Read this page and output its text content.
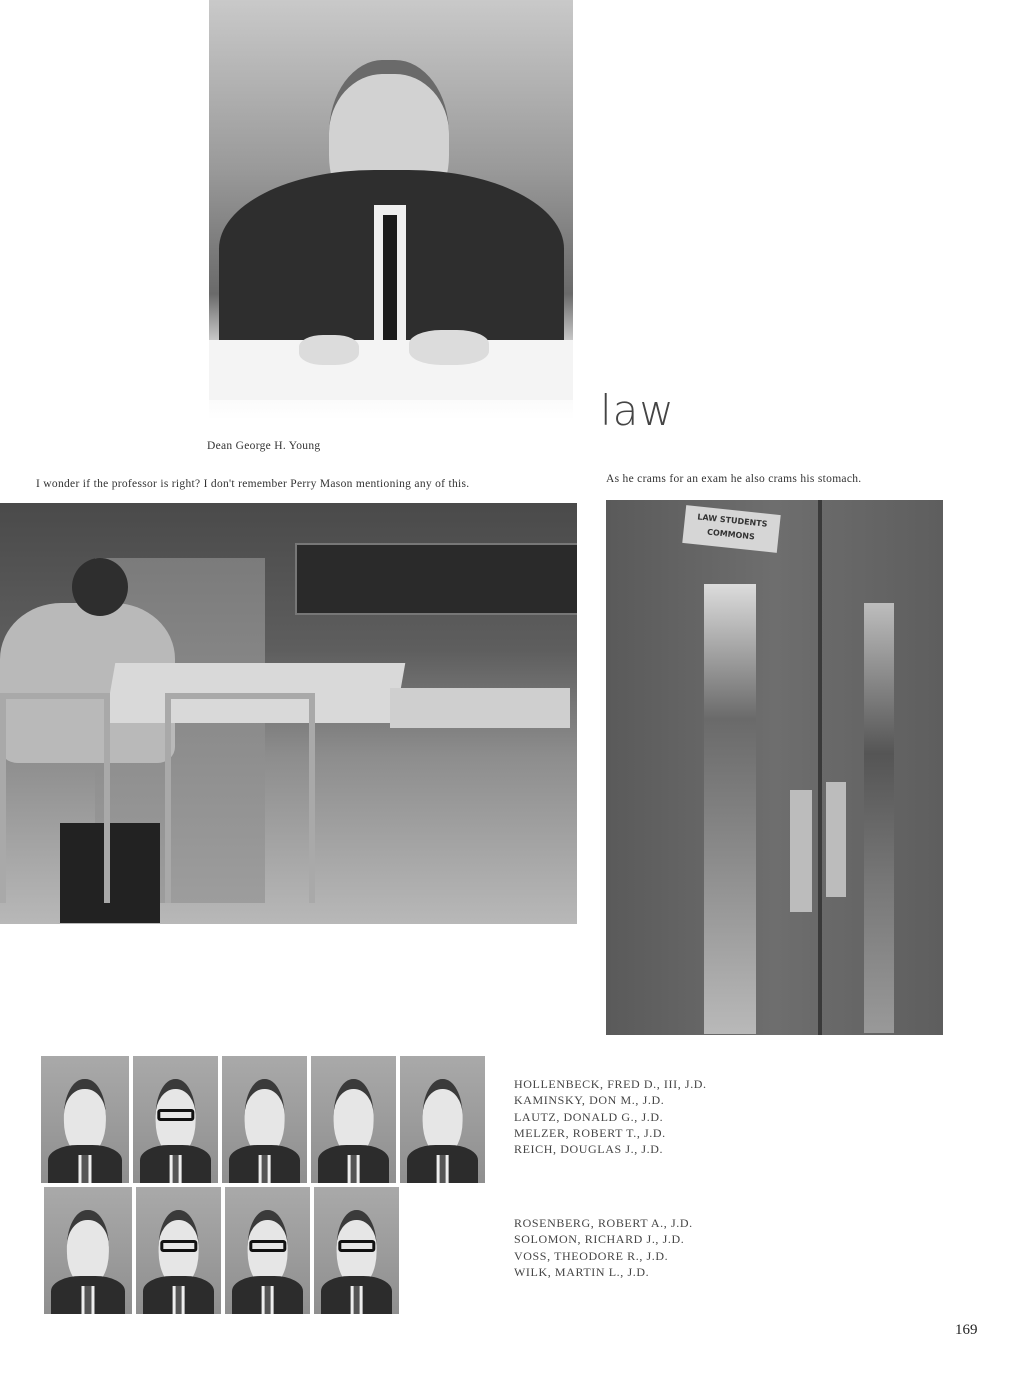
law
Dean George H. Young
I wonder if the professor is right? I don't remember Perry Mason mentioning any of this.	As he crams for an exam he also crams his stomach.
LAW STUDENTS
COMMONS
HOLLENBECK, FRED D., III, J.D.
KAMINSKY, DON M., J.D.
LAUTZ, DONALD G., J.D.
MELZER, ROBERT T., J.D.
REICH, DOUGLAS J., J.D.
ROSENBERG, ROBERT A., J.D.
SOLOMON, RICHARD J., J.D.
VOSS, THEODORE R., J.D.
WILK, MARTIN L., J.D.
169
